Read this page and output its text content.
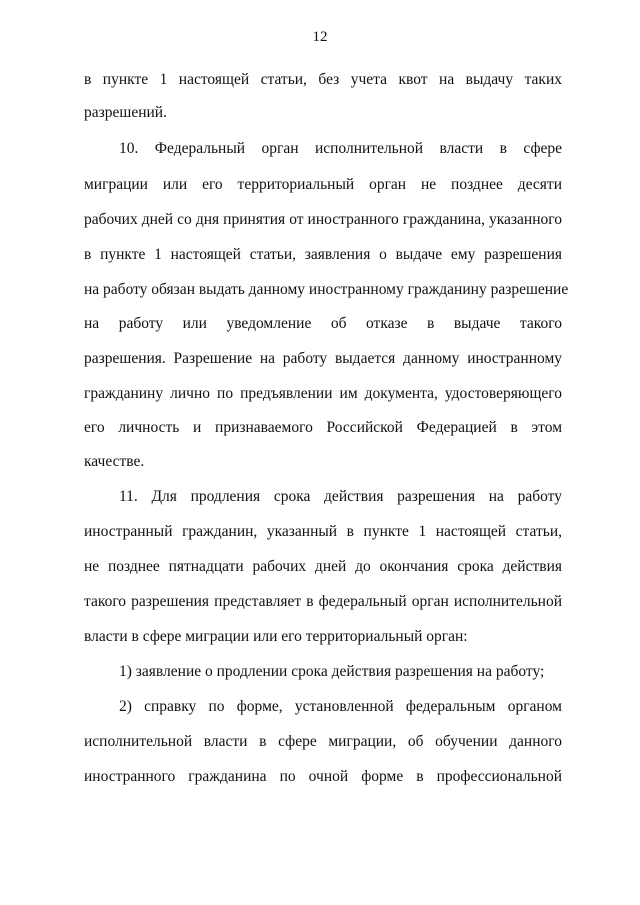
12
в пункте 1 настоящей статьи, без учета квот на выдачу таких
разрешений.
10. Федеральный орган исполнительной власти в сфере
миграции или его территориальный орган не позднее десяти
рабочих дней со дня принятия от иностранного гражданина, указанного
в пункте 1 настоящей статьи, заявления о выдаче ему разрешения
на работу обязан выдать данному иностранному гражданину разрешение
на работу или уведомление об отказе в выдаче такого
разрешения. Разрешение на работу выдается данному иностранному
гражданину лично по предъявлении им документа, удостоверяющего
его личность и признаваемого Российской Федерацией в этом
качестве.
11. Для продления срока действия разрешения на работу
иностранный гражданин, указанный в пункте 1 настоящей статьи,
не позднее пятнадцати рабочих дней до окончания срока действия
такого разрешения представляет в федеральный орган исполнительной
власти в сфере миграции или его территориальный орган:
1) заявление о продлении срока действия разрешения на работу;
2) справку по форме, установленной федеральным органом
исполнительной власти в сфере миграции, об обучении данного
иностранного гражданина по очной форме в профессиональной
